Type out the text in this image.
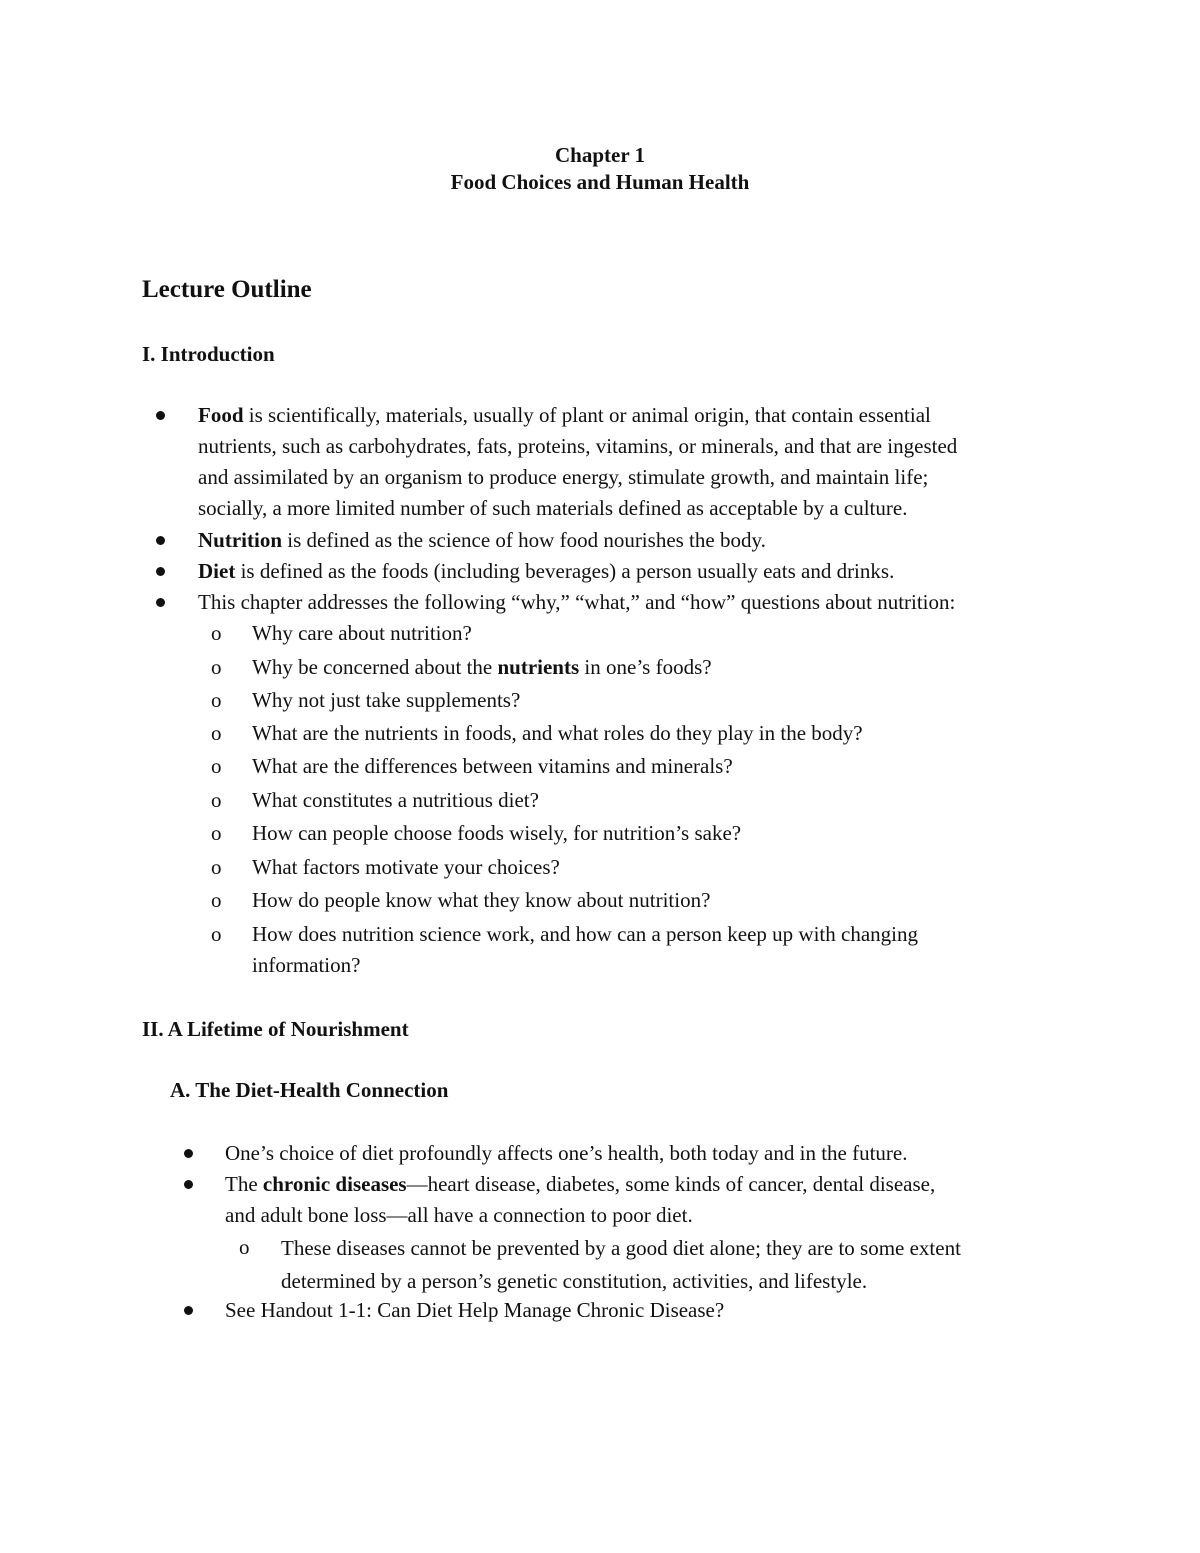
Chapter 1
Food Choices and Human Health
Lecture Outline
I. Introduction
Food is scientifically, materials, usually of plant or animal origin, that contain essential
nutrients, such as carbohydrates, fats, proteins, vitamins, or minerals, and that are ingested
and assimilated by an organism to produce energy, stimulate growth, and maintain life;
socially, a more limited number of such materials defined as acceptable by a culture.
Nutrition is defined as the science of how food nourishes the body.
Diet is defined as the foods (including beverages) a person usually eats and drinks.
This chapter addresses the following “why,” “what,” and “how” questions about nutrition:
o Why care about nutrition?
o Why be concerned about the nutrients in one’s foods?
o Why not just take supplements?
o What are the nutrients in foods, and what roles do they play in the body?
o What are the differences between vitamins and minerals?
o What constitutes a nutritious diet?
o How can people choose foods wisely, for nutrition’s sake?
o What factors motivate your choices?
o How do people know what they know about nutrition?
o How does nutrition science work, and how can a person keep up with changing
information?
II. A Lifetime of Nourishment
A. The Diet-Health Connection
One’s choice of diet profoundly affects one’s health, both today and in the future.
The chronic diseases—heart disease, diabetes, some kinds of cancer, dental disease,
and adult bone loss—all have a connection to poor diet.
o These diseases cannot be prevented by a good diet alone; they are to some extent
determined by a person’s genetic constitution, activities, and lifestyle.
See Handout 1-1: Can Diet Help Manage Chronic Disease?
